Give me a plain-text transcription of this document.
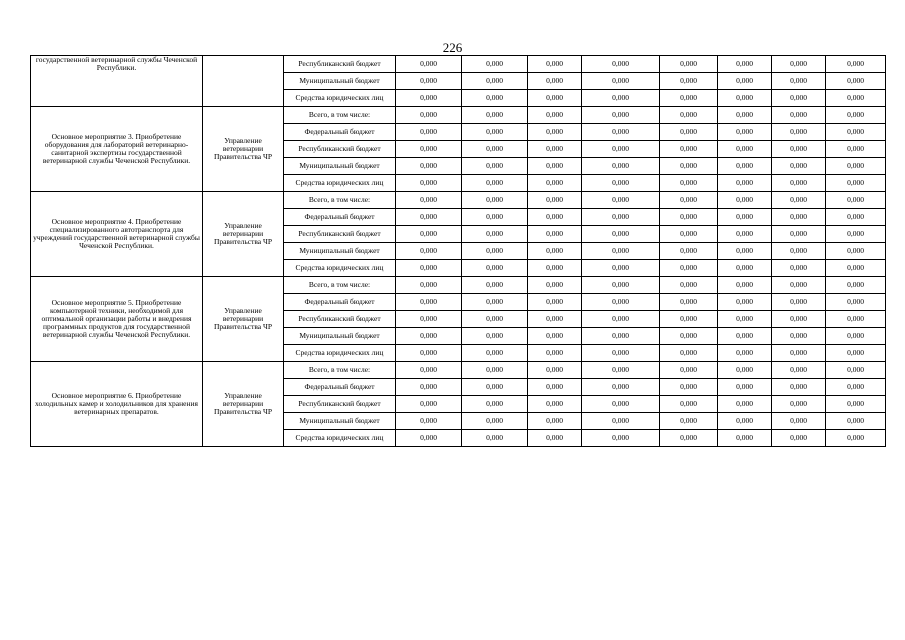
226
государственной ветеринарной службы Чеченской Республики.		Республиканский бюджет	0,000	0,000	0,000	0,000	0,000	0,000	0,000	0,000
		Муниципальный бюджет	0,000	0,000	0,000	0,000	0,000	0,000	0,000	0,000
		Средства юридических лиц	0,000	0,000	0,000	0,000	0,000	0,000	0,000	0,000
Основное мероприятие 3. Приобретение оборудования для лабораторий ветеринарно-санитарной экспертизы государственной ветеринарной службы Чеченской Республики.	Управление ветеринарии Правительства ЧР	Всего, в том числе:	0,000	0,000	0,000	0,000	0,000	0,000	0,000	0,000
		Федеральный бюджет	0,000	0,000	0,000	0,000	0,000	0,000	0,000	0,000
		Республиканский бюджет	0,000	0,000	0,000	0,000	0,000	0,000	0,000	0,000
		Муниципальный бюджет	0,000	0,000	0,000	0,000	0,000	0,000	0,000	0,000
		Средства юридических лиц	0,000	0,000	0,000	0,000	0,000	0,000	0,000	0,000
Основное мероприятие 4. Приобретение специализированного автотранспорта для учреждений государственной ветеринарной службы Чеченской Республики.	Управление ветеринарии Правительства ЧР	Всего, в том числе:	0,000	0,000	0,000	0,000	0,000	0,000	0,000	0,000
		Федеральный бюджет	0,000	0,000	0,000	0,000	0,000	0,000	0,000	0,000
		Республиканский бюджет	0,000	0,000	0,000	0,000	0,000	0,000	0,000	0,000
		Муниципальный бюджет	0,000	0,000	0,000	0,000	0,000	0,000	0,000	0,000
		Средства юридических лиц	0,000	0,000	0,000	0,000	0,000	0,000	0,000	0,000
Основное мероприятие 5. Приобретение компьютерной техники, необходимой для оптимальной организации работы и внедрения программных продуктов для государственной ветеринарной службы Чеченской Республики.	Управление ветеринарии Правительства ЧР	Всего, в том числе:	0,000	0,000	0,000	0,000	0,000	0,000	0,000	0,000
		Федеральный бюджет	0,000	0,000	0,000	0,000	0,000	0,000	0,000	0,000
		Республиканский бюджет	0,000	0,000	0,000	0,000	0,000	0,000	0,000	0,000
		Муниципальный бюджет	0,000	0,000	0,000	0,000	0,000	0,000	0,000	0,000
		Средства юридических лиц	0,000	0,000	0,000	0,000	0,000	0,000	0,000	0,000
Основное мероприятие 6. Приобретение холодильных камер и холодильников для хранения ветеринарных препаратов.	Управление ветеринарии Правительства ЧР	Всего, в том числе:	0,000	0,000	0,000	0,000	0,000	0,000	0,000	0,000
		Федеральный бюджет	0,000	0,000	0,000	0,000	0,000	0,000	0,000	0,000
		Республиканский бюджет	0,000	0,000	0,000	0,000	0,000	0,000	0,000	0,000
		Муниципальный бюджет	0,000	0,000	0,000	0,000	0,000	0,000	0,000	0,000
		Средства юридических лиц	0,000	0,000	0,000	0,000	0,000	0,000	0,000	0,000
